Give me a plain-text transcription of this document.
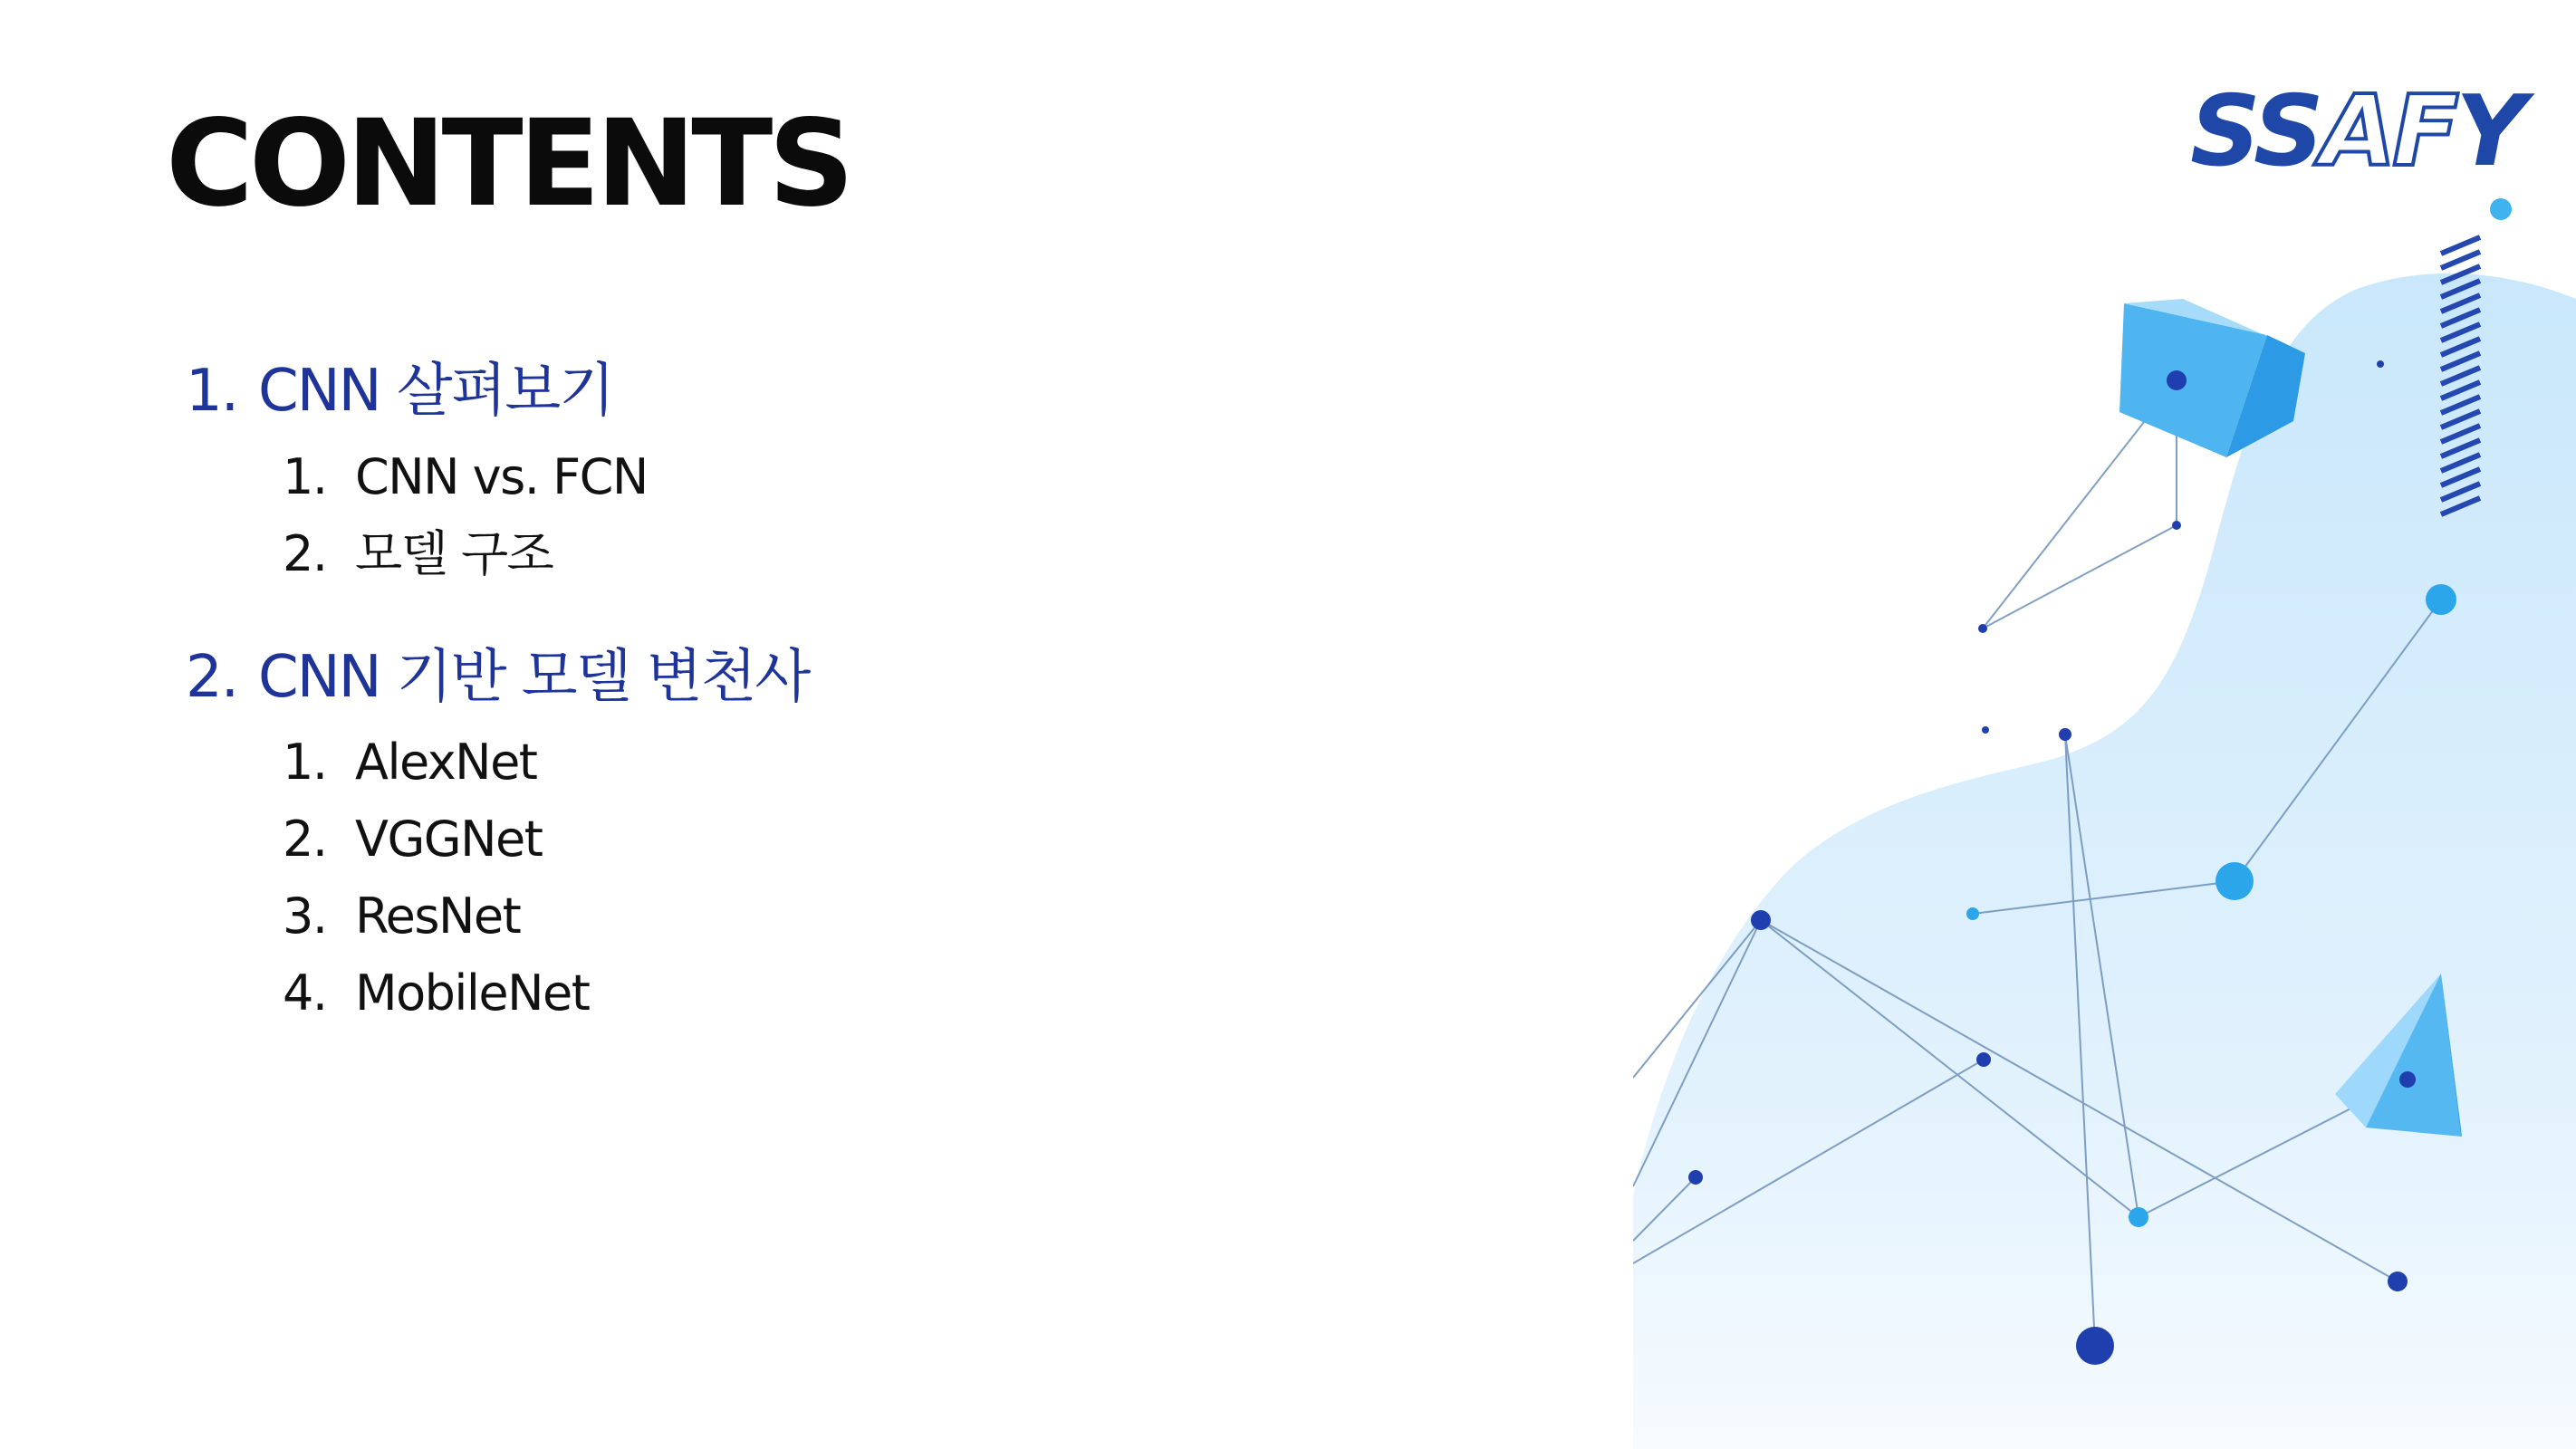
CONTENTS	SSAFY
1. CNN 살펴보기
1. CNN vs. FCN
2. 모델 구조
2. CNN 기반 모델 변천사
1. AlexNet
2. VGGNet
3. ResNet
4. MobileNet
